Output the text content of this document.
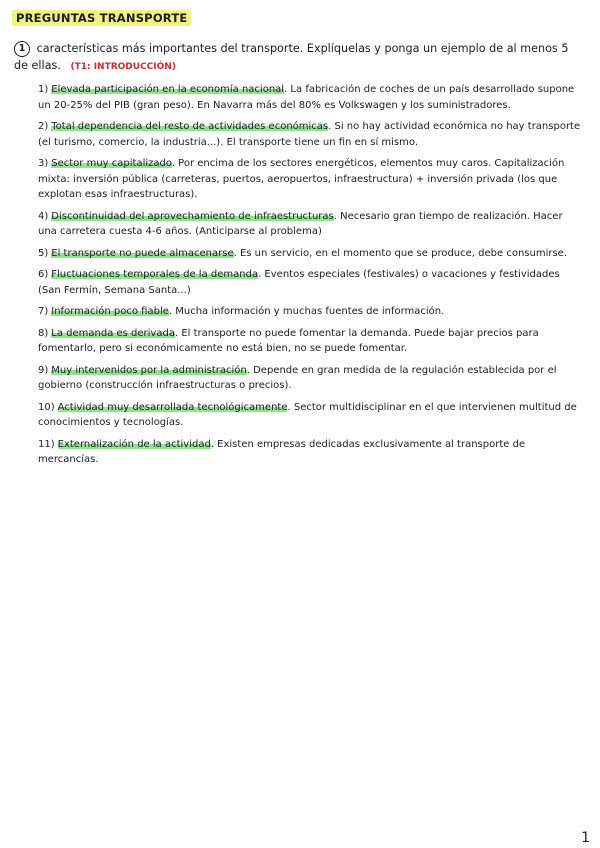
PREGUNTAS TRANSPORTE
1 características más importantes del transporte. Explíquelas y ponga un ejemplo de al menos 5 de ellas. (T1: INTRODUCCIÓN)
1) Elevada participación en la economía nacional. La fabricación de coches de un país desarrollado supone un 20-25% del PIB (gran peso). En Navarra más del 80% es Volkswagen y los suministradores.
2) Total dependencia del resto de actividades económicas. Si no hay actividad económica no hay transporte (el turismo, comercio, la industria...). El transporte tiene un fin en sí mismo.
3) Sector muy capitalizado. Por encima de los sectores energéticos, elementos muy caros. Capitalización mixta: inversión pública (carreteras, puertos, aeropuertos, infraestructura) + inversión privada (los que explotan esas infraestructuras).
4) Discontinuidad del aprovechamiento de infraestructuras. Necesario gran tiempo de realización. Hacer una carretera cuesta 4-6 años. (Anticiparse al problema)
5) El transporte no puede almacenarse. Es un servicio, en el momento que se produce, debe consumirse.
6) Fluctuaciones temporales de la demanda. Eventos especiales (festivales) o vacaciones y festividades (San Fermín, Semana Santa...)
7) Información poco fiable. Mucha información y muchas fuentes de información.
8) La demanda es derivada. El transporte no puede fomentar la demanda. Puede bajar precios para fomentarlo, pero si económicamente no está bien, no se puede fomentar.
9) Muy intervenidos por la administración. Depende en gran medida de la regulación establecida por el gobierno (construcción infraestructuras o precios).
10) Actividad muy desarrollada tecnológicamente. Sector multidisciplinar en el que intervienen multitud de conocimientos y tecnologías.
11) Externalización de la actividad. Existen empresas dedicadas exclusivamente al transporte de mercancías.
1
